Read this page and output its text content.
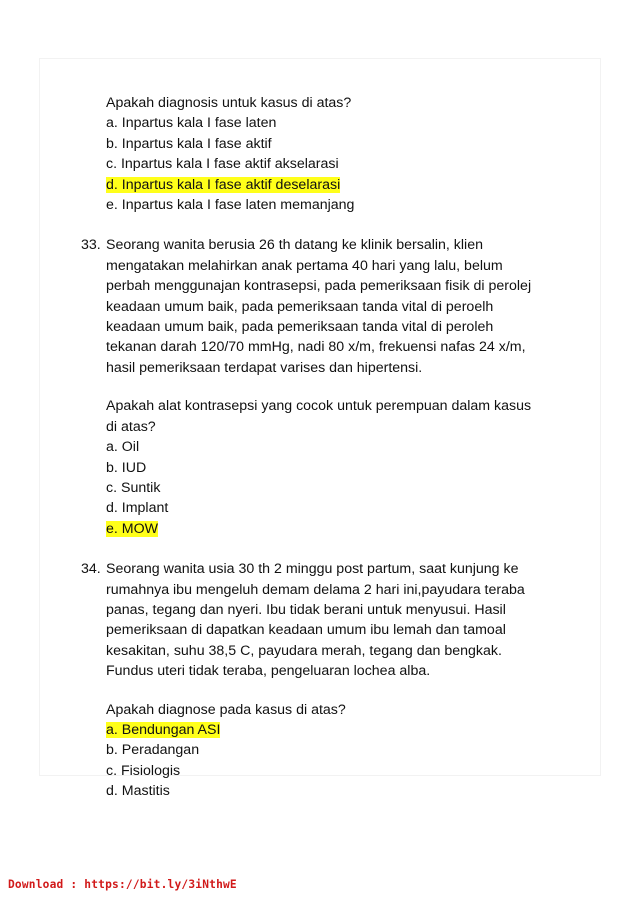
Apakah diagnosis untuk kasus di atas?
a. Inpartus kala I fase laten
b. Inpartus kala I fase aktif
c. Inpartus kala I fase aktif akselarasi
d. Inpartus kala I fase aktif deselarasi
e. Inpartus kala I fase laten memanjang
33. Seorang wanita berusia 26 th datang ke klinik bersalin, klien
mengatakan melahirkan anak pertama 40 hari yang lalu, belum
perbah menggunajan kontrasepsi, pada pemeriksaan fisik di perolej
keadaan umum baik, pada pemeriksaan tanda vital di peroelh
keadaan umum baik, pada pemeriksaan tanda vital di peroleh
tekanan darah 120/70 mmHg, nadi 80 x/m, frekuensi nafas 24 x/m,
hasil pemeriksaan terdapat varises dan hipertensi.
Apakah alat kontrasepsi yang cocok untuk perempuan dalam kasus
di atas?
a. Oil
b. IUD
c. Suntik
d. Implant
e. MOW
34. Seorang wanita usia 30 th 2 minggu post partum, saat kunjung ke
rumahnya ibu mengeluh demam delama 2 hari ini,payudara teraba
panas, tegang dan nyeri. Ibu tidak berani untuk menyusui. Hasil
pemeriksaan di dapatkan keadaan umum ibu lemah dan tamoal
kesakitan, suhu 38,5 C, payudara merah, tegang dan bengkak.
Fundus uteri tidak teraba, pengeluaran lochea alba.
Apakah diagnose pada kasus di atas?
a. Bendungan ASI
b. Peradangan
c. Fisiologis
d. Mastitis
Download : https://bit.ly/3iNthwE
